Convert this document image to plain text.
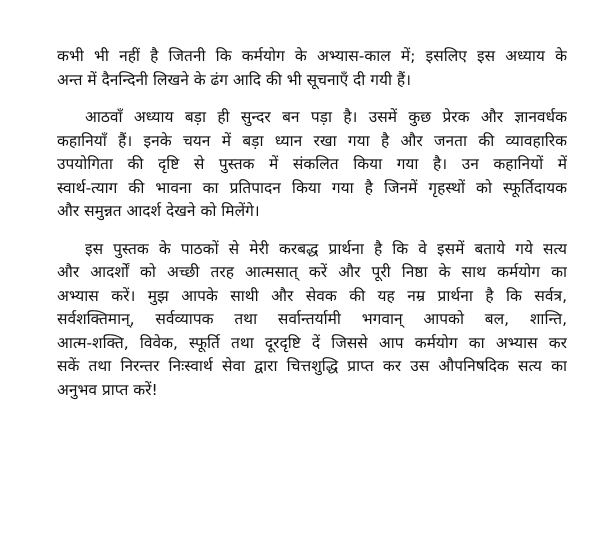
कभी भी नहीं है जितनी कि कर्मयोग के अभ्यास-काल में; इसलिए इस अध्याय के
अन्त में दैनन्दिनी लिखने के ढंग आदि की भी सूचनाएँ दी गयी हैं।

आठवाँ अध्याय बड़ा ही सुन्दर बन पड़ा है। उसमें कुछ प्रेरक और ज्ञानवर्धक
कहानियाँ हैं। इनके चयन में बड़ा ध्यान रखा गया है और जनता की व्यावहारिक
उपयोगिता की दृष्टि से पुस्तक में संकलित किया गया है। उन कहानियों में
स्वार्थ-त्याग की भावना का प्रतिपादन किया गया है जिनमें गृहस्थों को स्फूर्तिदायक
और समुन्नत आदर्श देखने को मिलेंगे।

इस पुस्तक के पाठकों से मेरी करबद्ध प्रार्थना है कि वे इसमें बताये गये सत्य
और आदर्शों को अच्छी तरह आत्मसात् करें और पूरी निष्ठा के साथ कर्मयोग का
अभ्यास करें। मुझ आपके साथी और सेवक की यह नम्र प्रार्थना है कि सर्वत्र,
सर्वशक्तिमान्, सर्वव्यापक तथा सर्वान्तर्यामी भगवान् आपको बल, शान्ति,
आत्म-शक्ति, विवेक, स्फूर्ति तथा दूरदृष्टि दें जिससे आप कर्मयोग का अभ्यास कर
सकें तथा निरन्तर निःस्वार्थ सेवा द्वारा चित्तशुद्धि प्राप्त कर उस औपनिषदिक सत्य का
अनुभव प्राप्त करें!
